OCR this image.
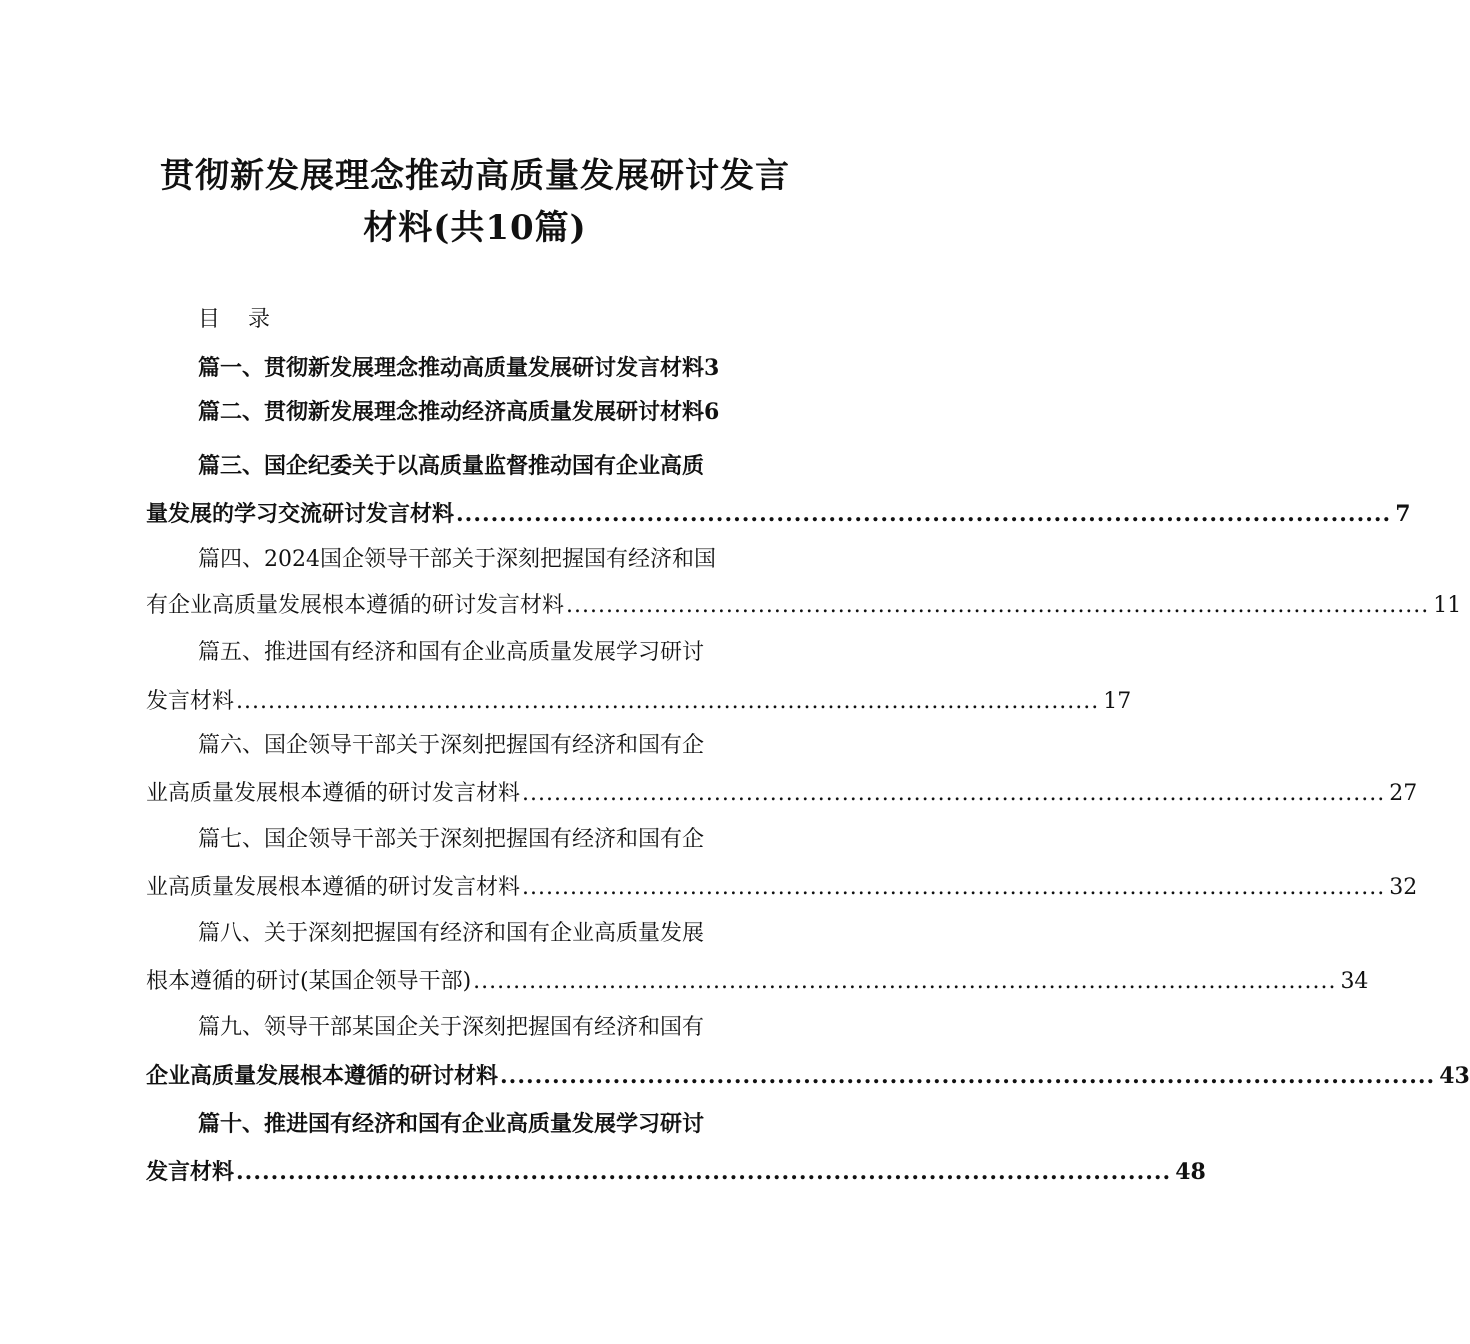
贯彻新发展理念推动高质量发展研讨发言
材料(共10篇)
目    录
篇一、贯彻新发展理念推动高质量发展研讨发言材料3
篇二、贯彻新发展理念推动经济高质量发展研讨材料6
篇三、国企纪委关于以高质量监督推动国有企业高质
量发展的学习交流研讨发言材料 ............................................................................................................ 7
篇四、2024国企领导干部关于深刻把握国有经济和国
有企业高质量发展根本遵循的研讨发言材料 ............................................................................................................ 11
篇五、推进国有经济和国有企业高质量发展学习研讨
发言材料 ............................................................................................................ 17
篇六、国企领导干部关于深刻把握国有经济和国有企
业高质量发展根本遵循的研讨发言材料 ............................................................................................................ 27
篇七、国企领导干部关于深刻把握国有经济和国有企
业高质量发展根本遵循的研讨发言材料 ............................................................................................................ 32
篇八、关于深刻把握国有经济和国有企业高质量发展
根本遵循的研讨(某国企领导干部) ............................................................................................................ 34
篇九、领导干部某国企关于深刻把握国有经济和国有
企业高质量发展根本遵循的研讨材料 ............................................................................................................ 43
篇十、推进国有经济和国有企业高质量发展学习研讨
发言材料 ............................................................................................................ 48
